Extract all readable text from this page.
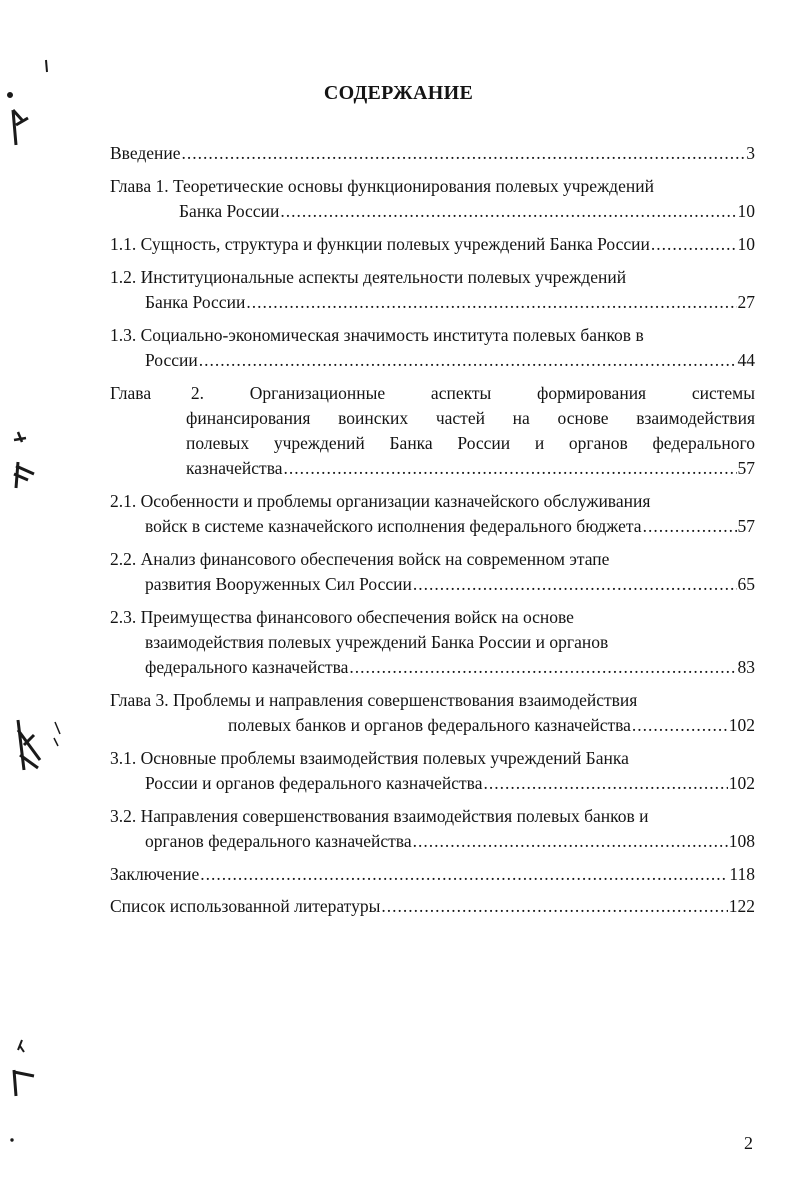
СОДЕРЖАНИЕ
Введение .....	3
Глава 1. Теоретические основы функционирования полевых учреждений
Банка России .....	10
1.1. Сущность, структура и функции полевых учреждений Банка России .....	10
1.2. Институциональные аспекты деятельности полевых учреждений
Банка России .....	27
1.3. Социально-экономическая значимость института полевых банков в
России .....	44
Глава 2.	Организационные	аспекты	формирования	системы
финансирования воинских частей на основе взаимодействия
полевых учреждений Банка России и органов федерального
казначейства .....	57
2.1. Особенности и проблемы организации казначейского обслуживания
войск в системе казначейского исполнения федерального бюджета .....	57
2.2. Анализ финансового обеспечения войск на современном этапе
развития Вооруженных Сил России .....	65
2.3. Преимущества финансового обеспечения войск на основе
взаимодействия полевых учреждений Банка России и органов
федерального казначейства .....	83
Глава 3. Проблемы и направления совершенствования взаимодействия
полевых банков и органов федерального казначейства .....	102
3.1. Основные проблемы взаимодействия полевых учреждений Банка
России и органов федерального казначейства .....	102
3.2. Направления совершенствования взаимодействия полевых банков и
органов федерального казначейства .....	108
Заключение .....	118
Список использованной литературы .....	122
2
